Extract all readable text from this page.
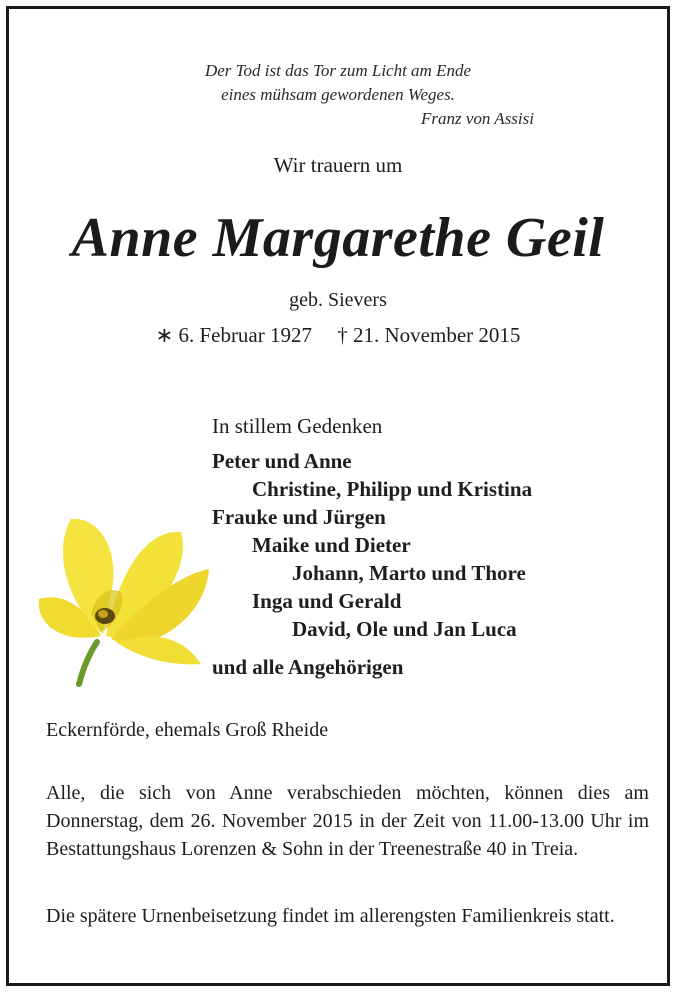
Der Tod ist das Tor zum Licht am Ende
eines mühsam gewordenen Weges.
Franz von Assisi
Wir trauern um
Anne Margarethe Geil
geb. Sievers
∗ 6. Februar 1927 † 21. November 2015
In stillem Gedenken
Peter und Anne
Christine, Philipp und Kristina
Frauke und Jürgen
Maike und Dieter
Johann, Marto und Thore
Inga und Gerald
David, Ole und Jan Luca
und alle Angehörigen
Eckernförde, ehemals Groß Rheide
Alle, die sich von Anne verabschieden möchten, können dies am Donnerstag, dem 26. November 2015 in der Zeit von 11.00-13.00 Uhr im Bestattungshaus Lorenzen & Sohn in der Treenestraße 40 in Treia.
Die spätere Urnenbeisetzung findet im allerengsten Familienkreis statt.
